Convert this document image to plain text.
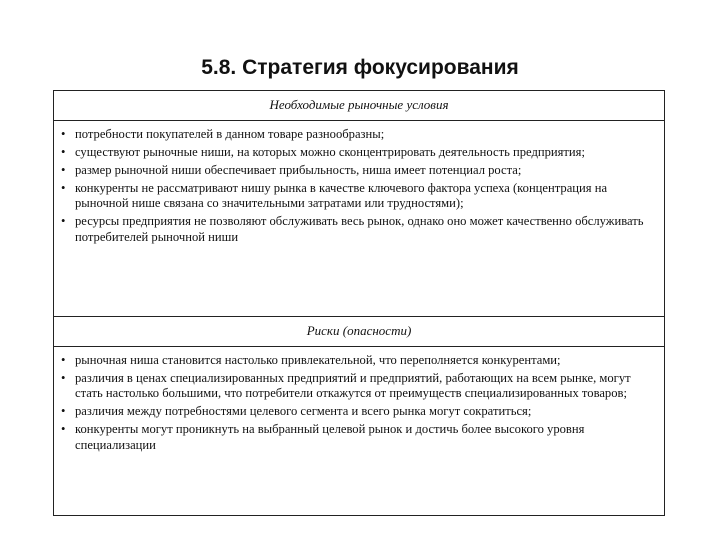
5.8. Стратегия фокусирования
Необходимые рыночные условия
• потребности покупателей в данном товаре разнообразны;
• существуют рыночные ниши, на которых можно сконцентрировать деятельность предприятия;
• размер рыночной ниши обеспечивает прибыльность, ниша имеет потенциал роста;
• конкуренты не рассматривают нишу рынка в качестве ключевого фактора успеха (концентрация на рыночной нише связана со значительными затратами или трудностями);
• ресурсы предприятия не позволяют обслуживать весь рынок, однако оно может качественно обслуживать потребителей рыночной ниши
Риски (опасности)
• рыночная ниша становится настолько привлекательной, что переполняется конкурентами;
• различия в ценах специализированных предприятий и предприятий, работающих на всем рынке, могут стать настолько большими, что потребители откажутся от преимуществ специализированных товаров;
• различия между потребностями целевого сегмента и всего рынка могут сократиться;
• конкуренты могут проникнуть на выбранный целевой рынок и достичь более высокого уровня специализации
